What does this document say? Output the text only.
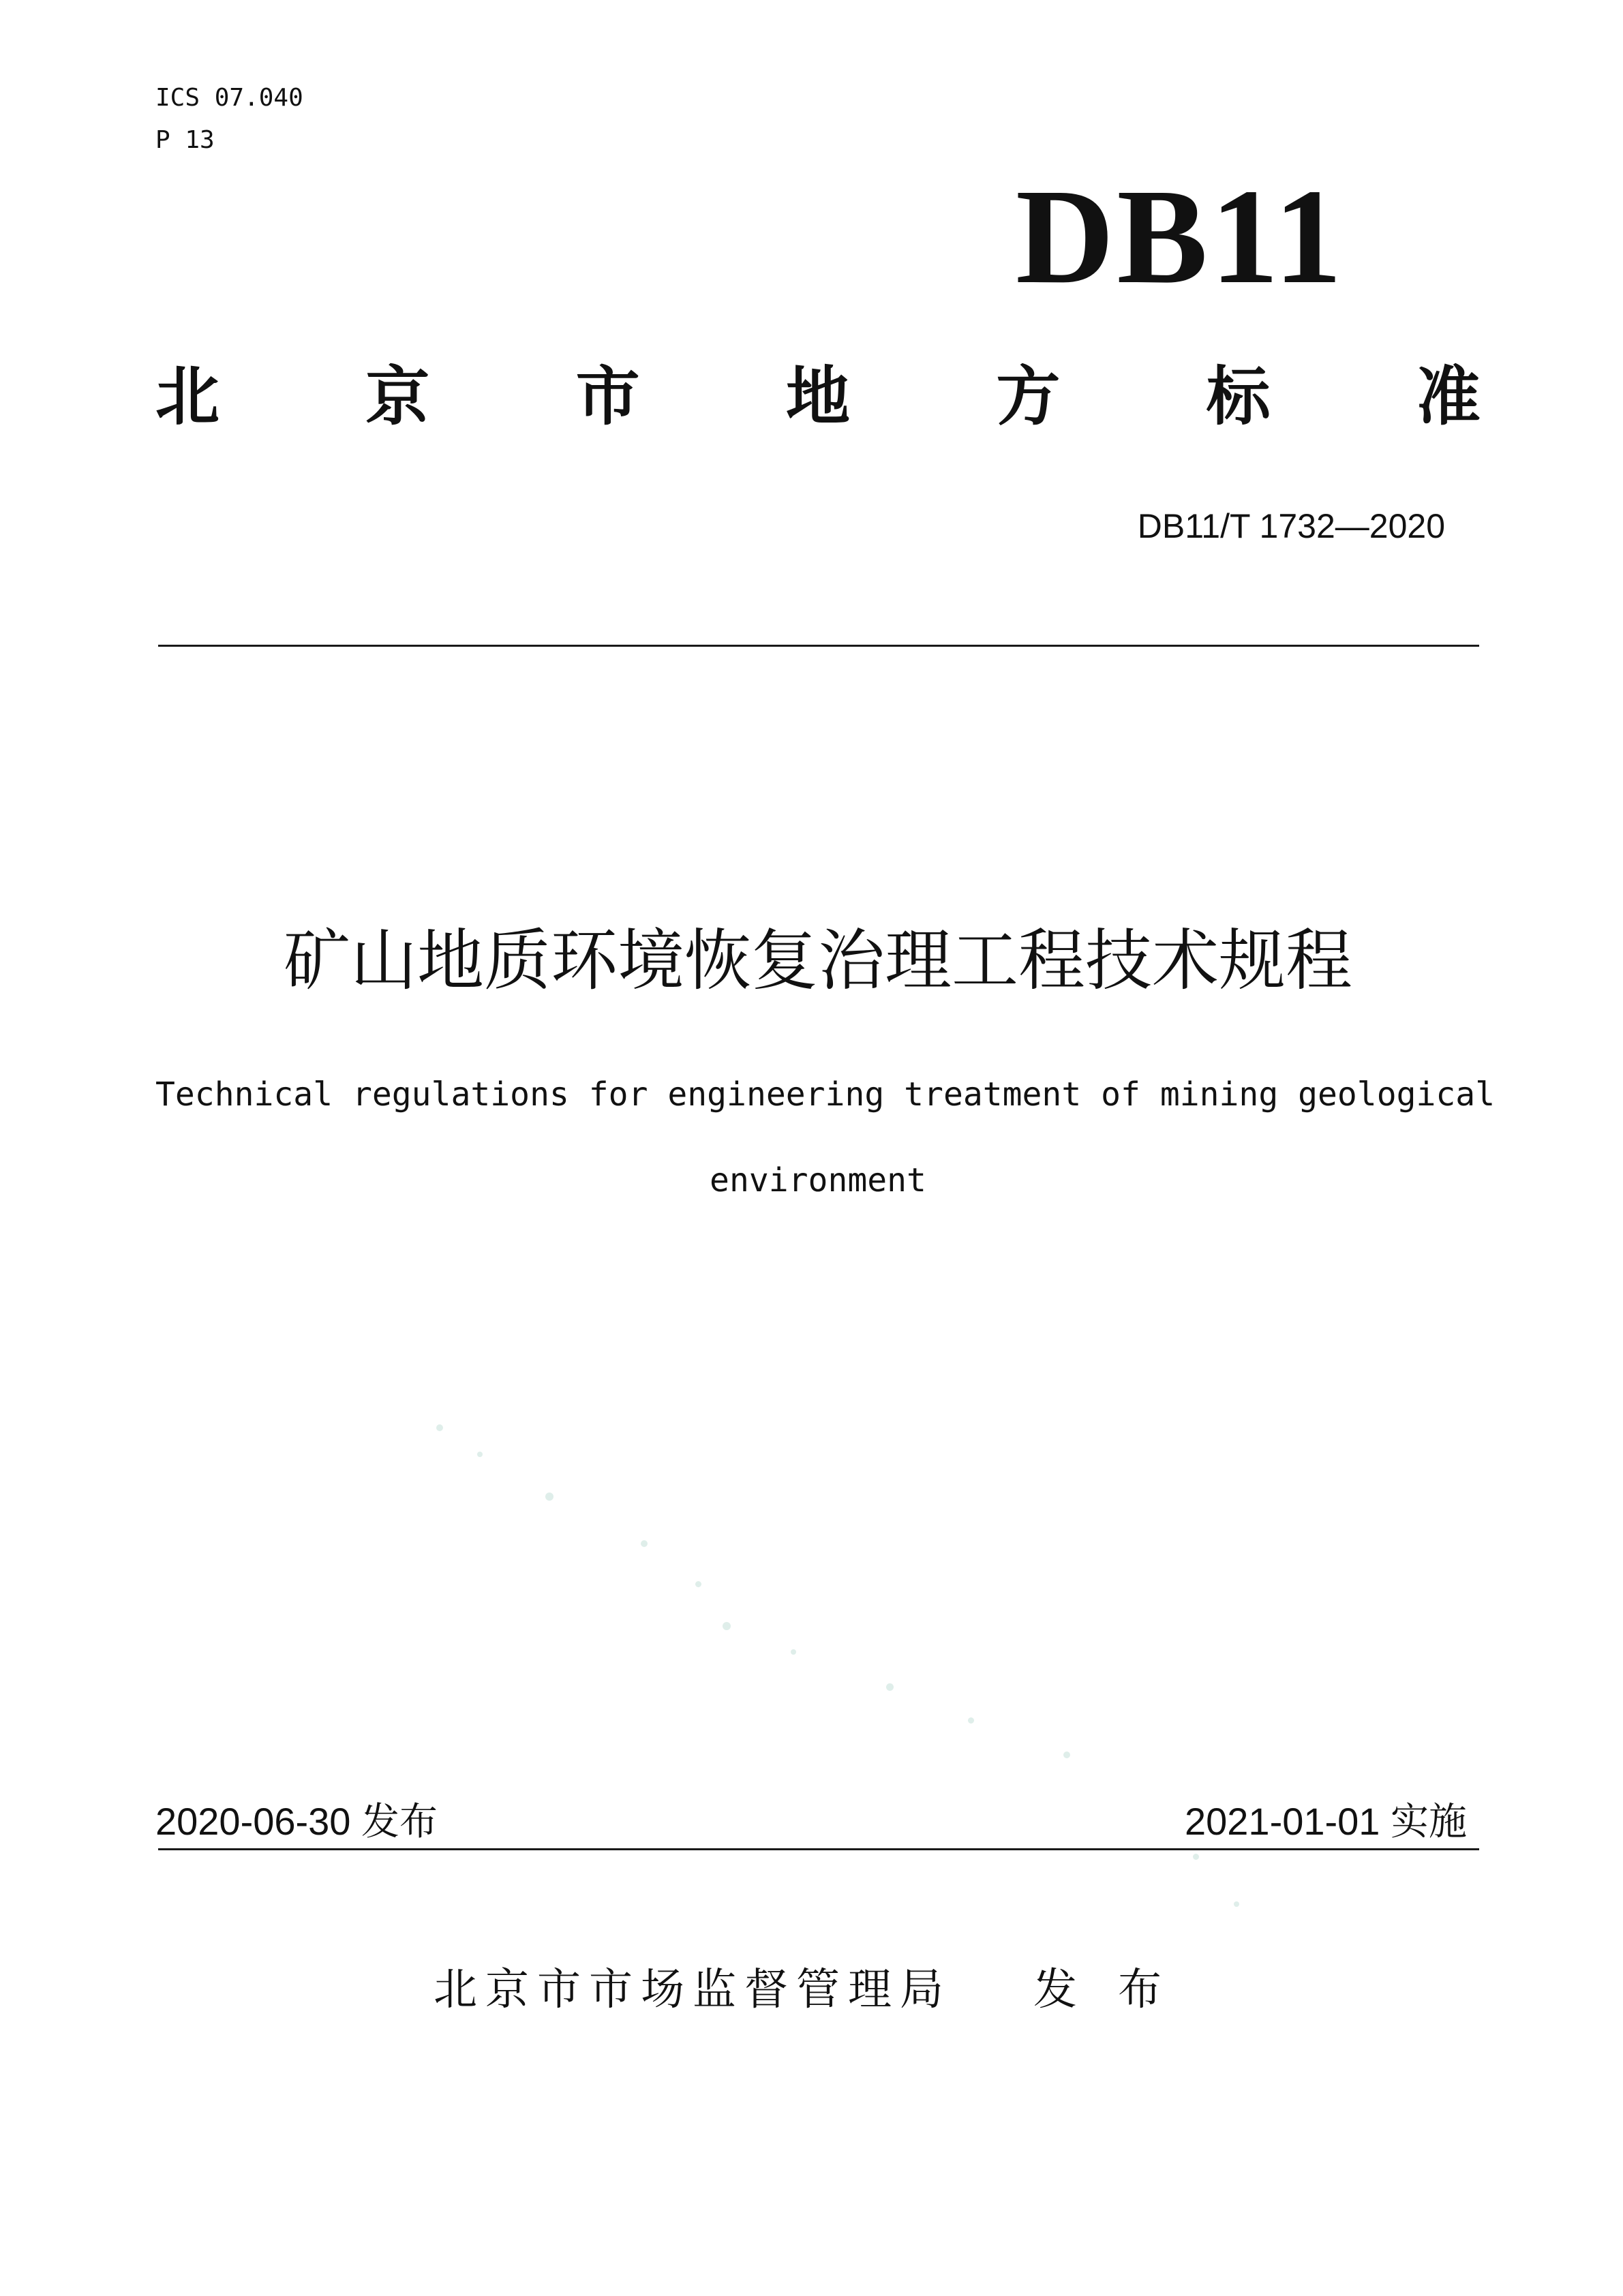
ICS 07.040
P 13
DB11
北 京 市 地 方 标 准
DB11/T 1732—2020
矿山地质环境恢复治理工程技术规程
Technical regulations for engineering treatment of mining geological
environment
2020-06-30 发布	2021-01-01 实施
北京市市场监督管理局 发布
